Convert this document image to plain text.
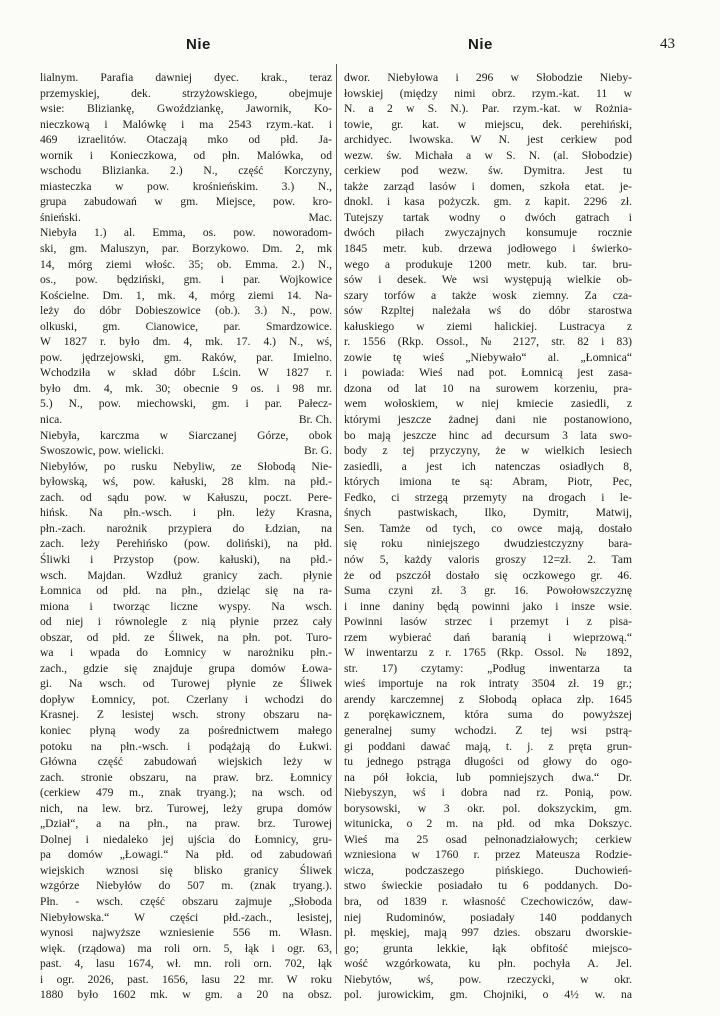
Nie	Nie	43
lialnym. Parafia dawniej dyec. krak., teraz
przemyskiej, dek. strzyżowskiego, obejmuje
wsie: Bliziankę, Gwoździankę, Jawornik, Ko-
nieczkową i Malówkę i ma 2543 rzym.-kat. i
469 izraelitów. Otaczają mko od płd. Ja-
wornik i Konieczkowa, od płn. Malówka, od
wschodu Blizianka. 2.) N., część Korczyny,
miasteczka w pow. krośnieńskim. 3.) N.,
grupa zabudowań w gm. Miejsce, pow. kro-
śnieński.	Mac.
Niebyła 1.) al. Emma, os. pow. noworadom-
ski, gm. Maluszyn, par. Borzykowo. Dm. 2, mk
14, mórg ziemi włośc. 35; ob. Emma. 2.) N.,
os., pow. będziński, gm. i par. Wojkowice
Kościelne. Dm. 1, mk. 4, mórg ziemi 14. Na-
leży do dóbr Dobieszowice (ob.). 3.) N., pow.
olkuski, gm. Cianowice, par. Smardzowice.
W 1827 r. było dm. 4, mk. 17. 4.) N., wś,
pow. jędrzejowski, gm. Raków, par. Imielno.
Wchodziła w skład dóbr Lścin. W 1827 r.
było dm. 4, mk. 30; obecnie 9 os. i 98 mr.
5.) N., pow. miechowski, gm. i par. Pałecz-
nica.	Br. Ch.
Niebyła, karczma w Siarczanej Górze, obok
Swoszowic, pow. wielicki.	Br. G.
Niebyłów, po rusku Nebyliw, ze Słobodą Nie-
byłowską, wś, pow. kałuski, 28 klm. na płd.-
zach. od sądu pow. w Kałuszu, poczt. Pere-
hińsk. Na płn.-wsch. i płn. leży Krasna,
płn.-zach. narożnik przypiera do Łdzian, na
zach. leży Perehińsko (pow. doliński), na płd.
Śliwki i Przystop (pow. kałuski), na płd.-
wsch. Majdan. Wzdłuż granicy zach. płynie
Łomnica od płd. na płn., dzieląc się na ra-
miona i tworząc liczne wyspy. Na wsch.
od niej i równolegle z nią płynie przez cały
obszar, od płd. ze Śliwek, na płn. pot. Turo-
wa i wpada do Łomnicy w narożniku płn.-
zach., gdzie się znajduje grupa domów Łowa-
gi. Na wsch. od Turowej płynie ze Śliwek
dopływ Łomnicy, pot. Czerlany i wchodzi do
Krasnej. Z lesistej wsch. strony obszaru na-
koniec płyną wody za pośrednictwem małego
potoku na płn.-wsch. i podążają do Łukwi.
Główna część zabudowań wiejskich leży w
zach. stronie obszaru, na praw. brz. Łomnicy
(cerkiew 479 m., znak tryang.); na wsch. od
nich, na lew. brz. Turowej, leży grupa domów
„Dział“, a na płn., na praw. brz. Turowej
Dolnej i niedaleko jej ujścia do Łomnicy, gru-
pa domów „Łowagi.“ Na płd. od zabudowań
wiejskich wznosi się blisko granicy Śliwek
wzgórze Niebyłów do 507 m. (znak tryang.).
Płn. - wsch. część obszaru zajmuje „Słoboda
Niebyłowska.“ W części płd.-zach., lesistej,
wynosi najwyższe wzniesienie 556 m. Własn.
więk. (rządowa) ma roli orn. 5, łąk i ogr. 63,
past. 4, lasu 1674, wł. mn. roli orn. 702, łąk
i ogr. 2026, past. 1656, lasu 22 mr. W roku
1880 było 1602 mk. w gm. a 20 na obsz.
dwor. Niebyłowa i 296 w Słobodzie Nieby-
łowskiej (między nimi obrz. rzym.-kat. 11 w
N. a 2 w S. N.). Par. rzym.-kat. w Rożnia-
towie, gr. kat. w miejscu, dek. perehiński,
archidyec. lwowska. W N. jest cerkiew pod
wezw. św. Michała a w S. N. (al. Słobodzie)
cerkiew pod wezw. św. Dymitra. Jest tu
także zarząd lasów i domen, szkoła etat. je-
dnokl. i kasa pożyczk. gm. z kapit. 2296 zł.
Tutejszy tartak wodny o dwóch gatrach i
dwóch piłach zwyczajnych konsumuje rocznie
1845 metr. kub. drzewa jodłowego i świerko-
wego a produkuje 1200 metr. kub. tar. bru-
sów i desek. We wsi występują wielkie ob-
szary torfów a także wosk ziemny. Za cza-
sów Rzpltej należała wś do dóbr starostwa
kałuskiego w ziemi halickiej. Lustracya z
r. 1556 (Rkp. Ossol., № 2127, str. 82 i 83)
zowie tę wieś „Niebywało“ al. „Łomnica“
i powiada: Wieś nad pot. Łomnicą jest zasa-
dzona od lat 10 na surowem korzeniu, pra-
wem wołoskiem, w niej kmiecie zasiedli, z
którymi jeszcze żadnej dani nie postanowiono,
bo mają jeszcze hinc ad decursum 3 lata swo-
body z tej przyczyny, że w wielkich lesiech
zasiedli, a jest ich natenczas osiadłych 8,
których imiona te są: Abram, Piotr, Pec,
Fedko, ci strzegą przemyty na drogach i le-
śnych pastwiskach, Ilko, Dymitr, Matwij,
Sen. Tamże od tych, co owce mają, dostało
się roku niniejszego dwudziestczyzny bara-
nów 5, każdy valoris groszy 12=zł. 2. Tam
że od pszczół dostało się oczkowego gr. 46.
Suma czyni zł. 3 gr. 16. Powołowszczyznę
i inne daniny będą powinni jako i insze wsie.
Powinni lasów strzec i przemyt i z pisa-
rzem wybierać dań baranią i wieprzową.“
W inwentarzu z r. 1765 (Rkp. Ossol. № 1892,
str. 17) czytamy: „Podług inwentarza ta
wieś importuje na rok intraty 3504 zł. 19 gr.;
arendy karczemnej z Słobodą opłaca złp. 1645
z porękawicznem, która suma do powyższej
generalnej sumy wchodzi. Z tej wsi pstrą-
gi poddani dawać mają, t. j. z pręta grun-
tu jednego pstrąga długości od głowy do ogo-
na pół łokcia, lub pomniejszych dwa.“ Dr.
Niebyszyn, wś i dobra nad rz. Ponią, pow.
borysowski, w 3 okr. pol. dokszyckim, gm.
witunicka, o 2 m. na płd. od mka Dokszyc.
Wieś ma 25 osad pełnonadziałowych; cerkiew
wzniesiona w 1760 r. przez Mateusza Rodzie-
wicza, podczaszego pińskiego. Duchowień-
stwo świeckie posiadało tu 6 poddanych. Do-
bra, od 1839 r. własność Czechowiczów, daw-
niej Rudominów, posiadały 140 poddanych
pł. męskiej, mają 997 dzies. obszaru dworskie-
go; grunta lekkie, łąk obfitość miejsco-
wość wzgórkowata, ku płn. pochyła A. Jel.
Niebytów, wś, pow. rzeczycki, w okr.
pol. jurowickim, gm. Chojniki, o 4½ w. na
